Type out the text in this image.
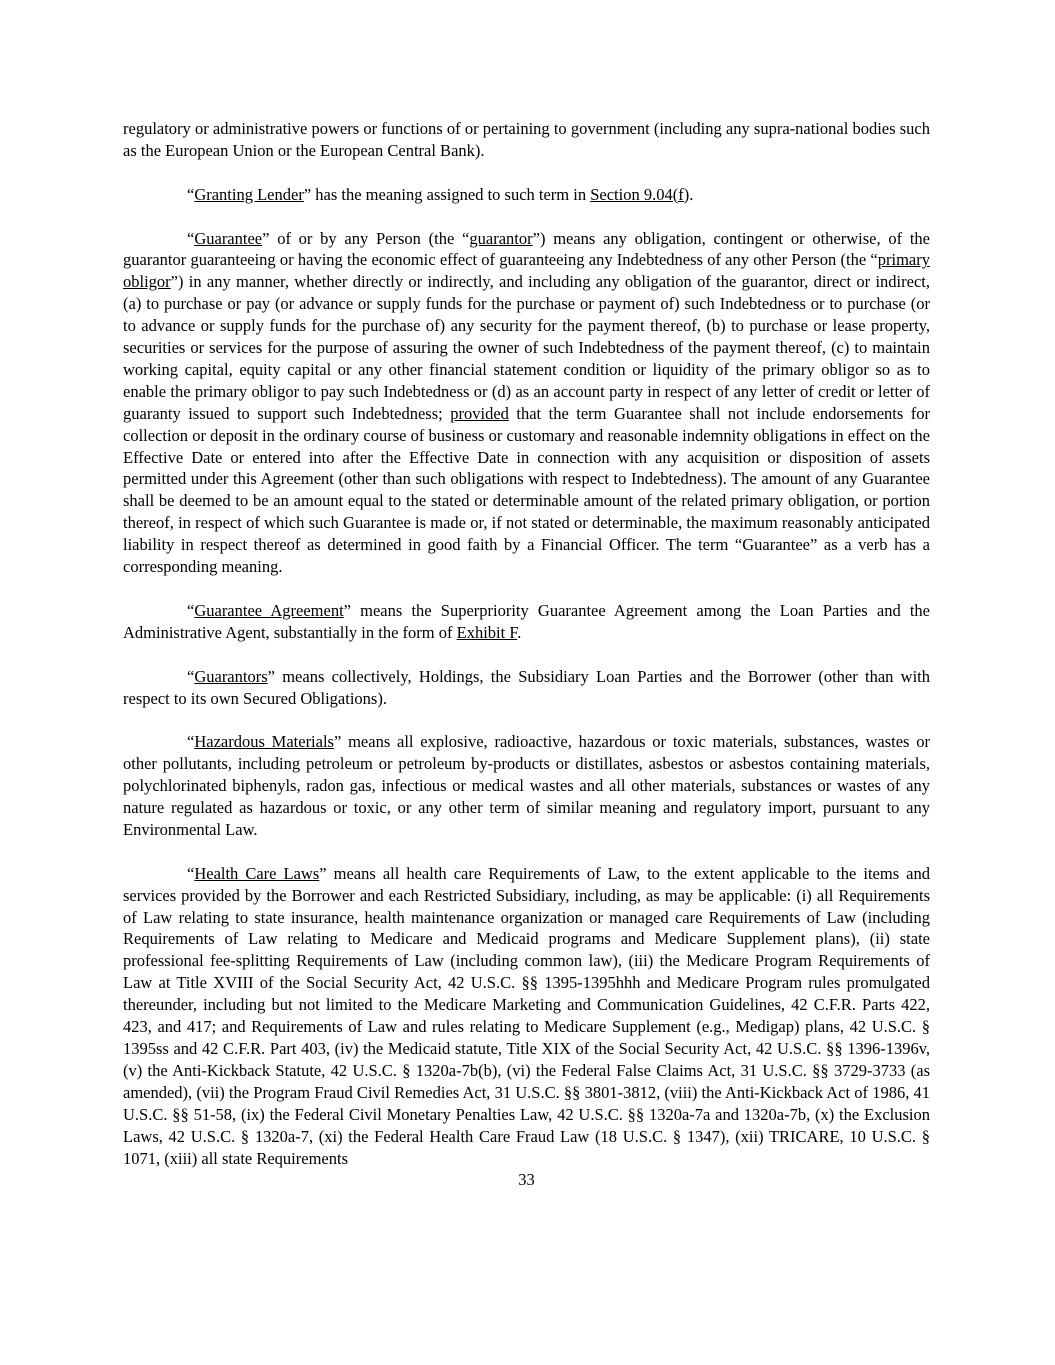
regulatory or administrative powers or functions of or pertaining to government (including any supra-national bodies such as the European Union or the European Central Bank).

“Granting Lender” has the meaning assigned to such term in Section 9.04(f).

“Guarantee” of or by any Person (the “guarantor”) means any obligation, contingent or otherwise, of the guarantor guaranteeing or having the economic effect of guaranteeing any Indebtedness of any other Person (the “primary obligor”) in any manner, whether directly or indirectly, and including any obligation of the guarantor, direct or indirect, (a) to purchase or pay (or advance or supply funds for the purchase or payment of) such Indebtedness or to purchase (or to advance or supply funds for the purchase of) any security for the payment thereof, (b) to purchase or lease property, securities or services for the purpose of assuring the owner of such Indebtedness of the payment thereof, (c) to maintain working capital, equity capital or any other financial statement condition or liquidity of the primary obligor so as to enable the primary obligor to pay such Indebtedness or (d) as an account party in respect of any letter of credit or letter of guaranty issued to support such Indebtedness; provided that the term Guarantee shall not include endorsements for collection or deposit in the ordinary course of business or customary and reasonable indemnity obligations in effect on the Effective Date or entered into after the Effective Date in connection with any acquisition or disposition of assets permitted under this Agreement (other than such obligations with respect to Indebtedness). The amount of any Guarantee shall be deemed to be an amount equal to the stated or determinable amount of the related primary obligation, or portion thereof, in respect of which such Guarantee is made or, if not stated or determinable, the maximum reasonably anticipated liability in respect thereof as determined in good faith by a Financial Officer. The term “Guarantee” as a verb has a corresponding meaning.

“Guarantee Agreement” means the Superpriority Guarantee Agreement among the Loan Parties and the Administrative Agent, substantially in the form of Exhibit F.

“Guarantors” means collectively, Holdings, the Subsidiary Loan Parties and the Borrower (other than with respect to its own Secured Obligations).

“Hazardous Materials” means all explosive, radioactive, hazardous or toxic materials, substances, wastes or other pollutants, including petroleum or petroleum by-products or distillates, asbestos or asbestos containing materials, polychlorinated biphenyls, radon gas, infectious or medical wastes and all other materials, substances or wastes of any nature regulated as hazardous or toxic, or any other term of similar meaning and regulatory import, pursuant to any Environmental Law.

“Health Care Laws” means all health care Requirements of Law, to the extent applicable to the items and services provided by the Borrower and each Restricted Subsidiary, including, as may be applicable: (i) all Requirements of Law relating to state insurance, health maintenance organization or managed care Requirements of Law (including Requirements of Law relating to Medicare and Medicaid programs and Medicare Supplement plans), (ii) state professional fee-splitting Requirements of Law (including common law), (iii) the Medicare Program Requirements of Law at Title XVIII of the Social Security Act, 42 U.S.C. §§ 1395-1395hhh and Medicare Program rules promulgated thereunder, including but not limited to the Medicare Marketing and Communication Guidelines, 42 C.F.R. Parts 422, 423, and 417; and Requirements of Law and rules relating to Medicare Supplement (e.g., Medigap) plans, 42 U.S.C. § 1395ss and 42 C.F.R. Part 403, (iv) the Medicaid statute, Title XIX of the Social Security Act, 42 U.S.C. §§ 1396-1396v, (v) the Anti-Kickback Statute, 42 U.S.C. § 1320a-7b(b), (vi) the Federal False Claims Act, 31 U.S.C. §§ 3729-3733 (as amended), (vii) the Program Fraud Civil Remedies Act, 31 U.S.C. §§ 3801-3812, (viii) the Anti-Kickback Act of 1986, 41 U.S.C. §§ 51-58, (ix) the Federal Civil Monetary Penalties Law, 42 U.S.C. §§ 1320a-7a and 1320a-7b, (x) the Exclusion Laws, 42 U.S.C. § 1320a-7, (xi) the Federal Health Care Fraud Law (18 U.S.C. § 1347), (xii) TRICARE, 10 U.S.C. § 1071, (xiii) all state Requirements

33
